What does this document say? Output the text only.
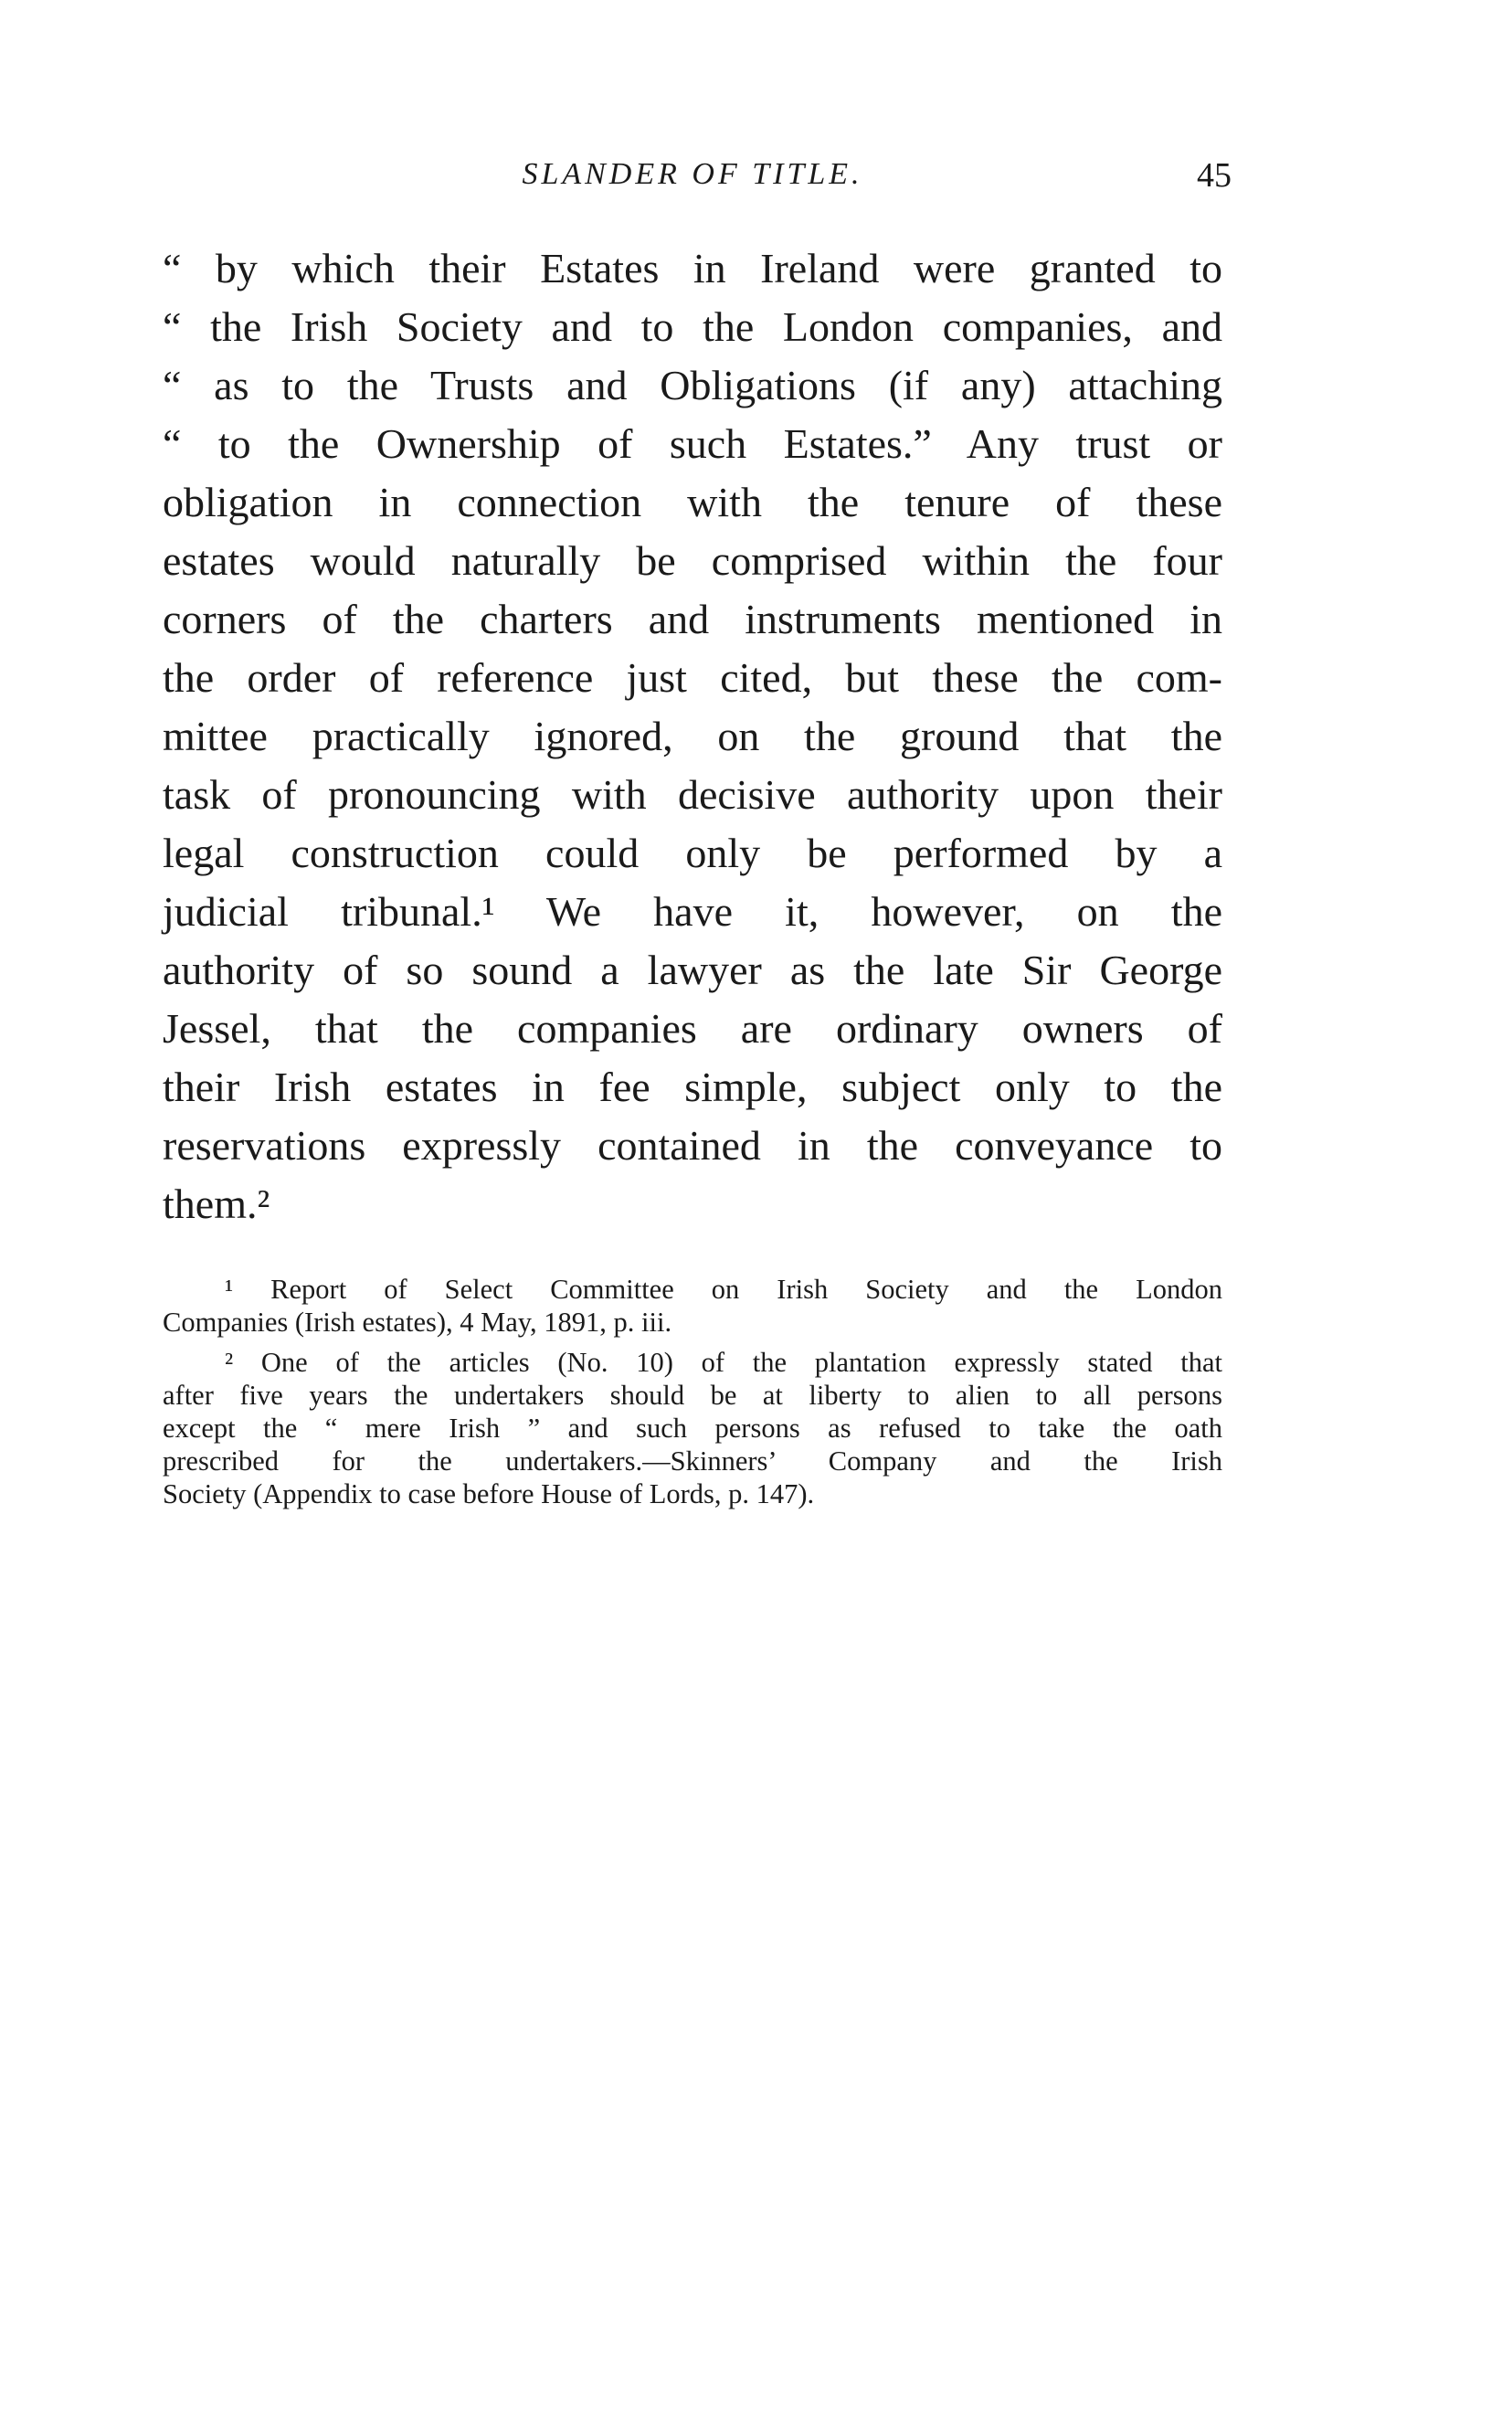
SLANDER OF TITLE.	45
“ by which their Estates in Ireland were granted to
“ the Irish Society and to the London companies, and
“ as to the Trusts and Obligations (if any) attaching
“ to the Ownership of such Estates.” Any trust or
obligation in connection with the tenure of these
estates would naturally be comprised within the four
corners of the charters and instruments mentioned in
the order of reference just cited, but these the com-
mittee practically ignored, on the ground that the
task of pronouncing with decisive authority upon their
legal construction could only be performed by a
judicial tribunal.¹ We have it, however, on the
authority of so sound a lawyer as the late Sir George
Jessel, that the companies are ordinary owners of
their Irish estates in fee simple, subject only to the
reservations expressly contained in the conveyance to
them.²
¹ Report of Select Committee on Irish Society and the London
Companies (Irish estates), 4 May, 1891, p. iii.
² One of the articles (No. 10) of the plantation expressly stated that
after five years the undertakers should be at liberty to alien to all persons
except the “ mere Irish ” and such persons as refused to take the oath
prescribed for the undertakers.—Skinners’ Company and the Irish
Society (Appendix to case before House of Lords, p. 147).
